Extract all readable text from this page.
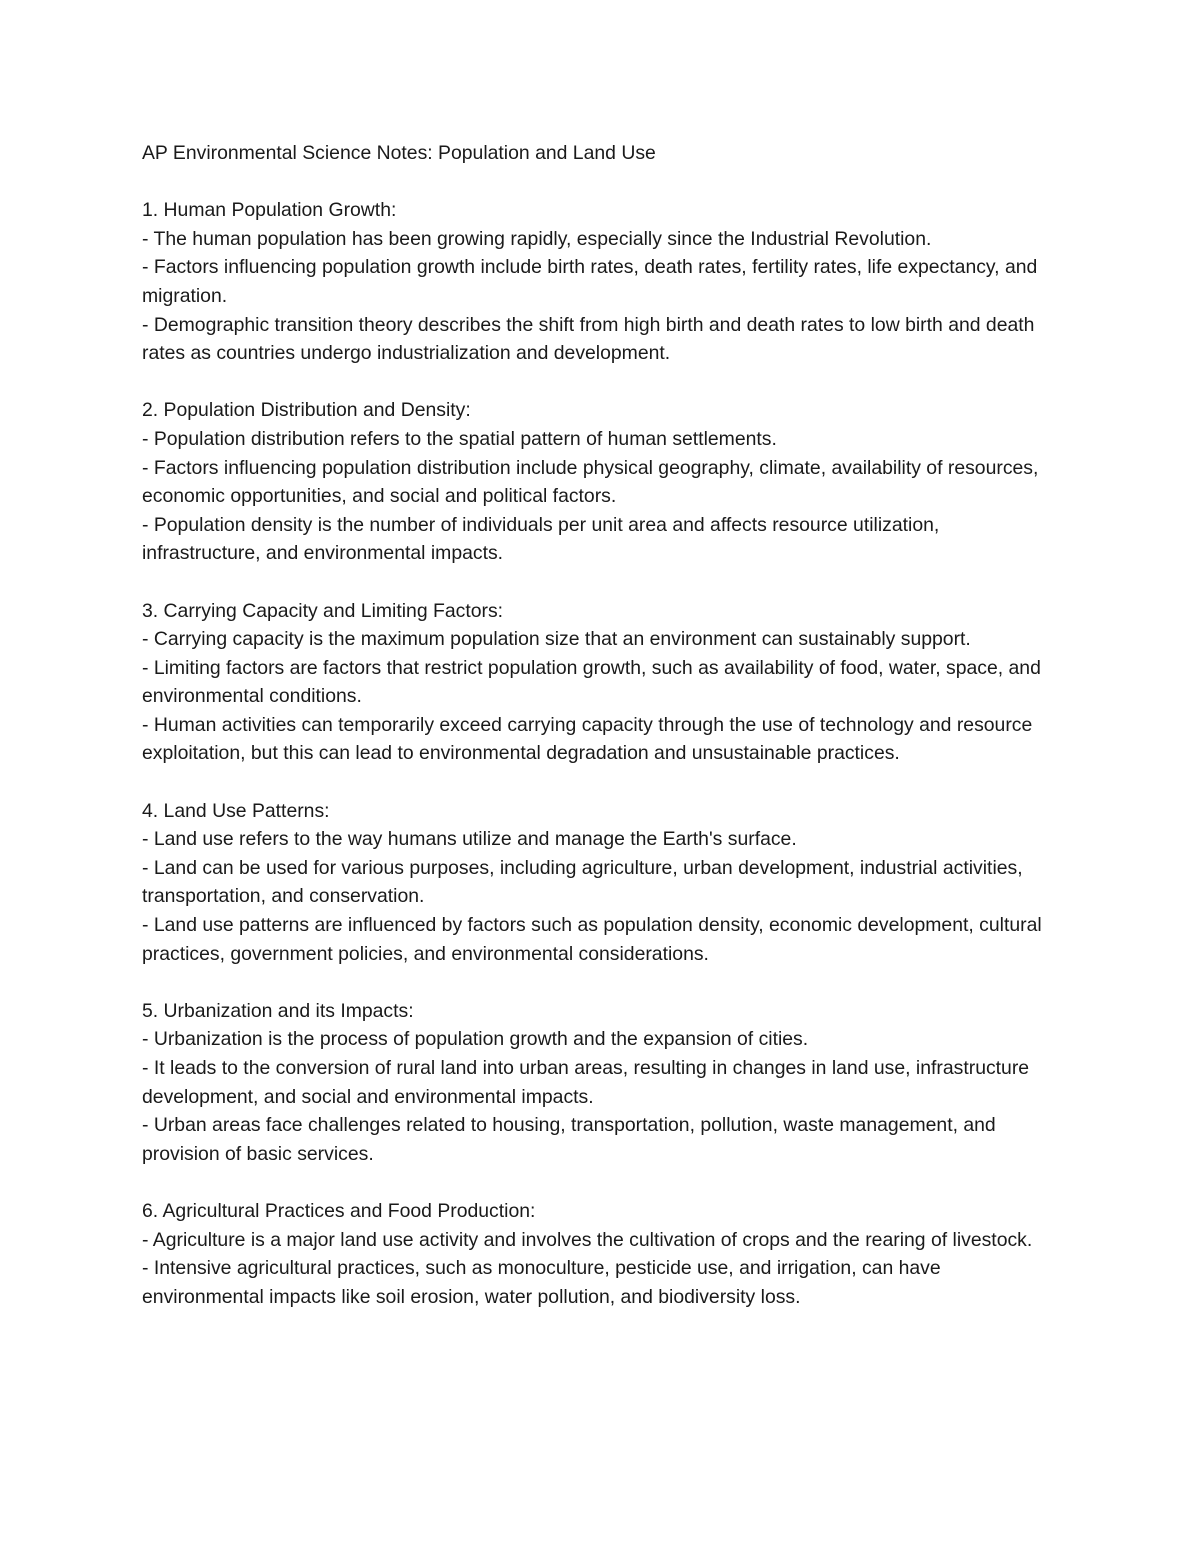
AP Environmental Science Notes: Population and Land Use

1. Human Population Growth:

- The human population has been growing rapidly, especially since the Industrial Revolution.

- Factors influencing population growth include birth rates, death rates, fertility rates, life expectancy, and migration.

- Demographic transition theory describes the shift from high birth and death rates to low birth and death rates as countries undergo industrialization and development.

2. Population Distribution and Density:

- Population distribution refers to the spatial pattern of human settlements.

- Factors influencing population distribution include physical geography, climate, availability of resources, economic opportunities, and social and political factors.

- Population density is the number of individuals per unit area and affects resource utilization, infrastructure, and environmental impacts.

3. Carrying Capacity and Limiting Factors:

- Carrying capacity is the maximum population size that an environment can sustainably support.

- Limiting factors are factors that restrict population growth, such as availability of food, water, space, and environmental conditions.

- Human activities can temporarily exceed carrying capacity through the use of technology and resource exploitation, but this can lead to environmental degradation and unsustainable practices.

4. Land Use Patterns:

- Land use refers to the way humans utilize and manage the Earth's surface.

- Land can be used for various purposes, including agriculture, urban development, industrial activities, transportation, and conservation.

- Land use patterns are influenced by factors such as population density, economic development, cultural practices, government policies, and environmental considerations.

5. Urbanization and its Impacts:

- Urbanization is the process of population growth and the expansion of cities.

- It leads to the conversion of rural land into urban areas, resulting in changes in land use, infrastructure development, and social and environmental impacts.

- Urban areas face challenges related to housing, transportation, pollution, waste management, and provision of basic services.

6. Agricultural Practices and Food Production:

- Agriculture is a major land use activity and involves the cultivation of crops and the rearing of livestock.

- Intensive agricultural practices, such as monoculture, pesticide use, and irrigation, can have environmental impacts like soil erosion, water pollution, and biodiversity loss.
